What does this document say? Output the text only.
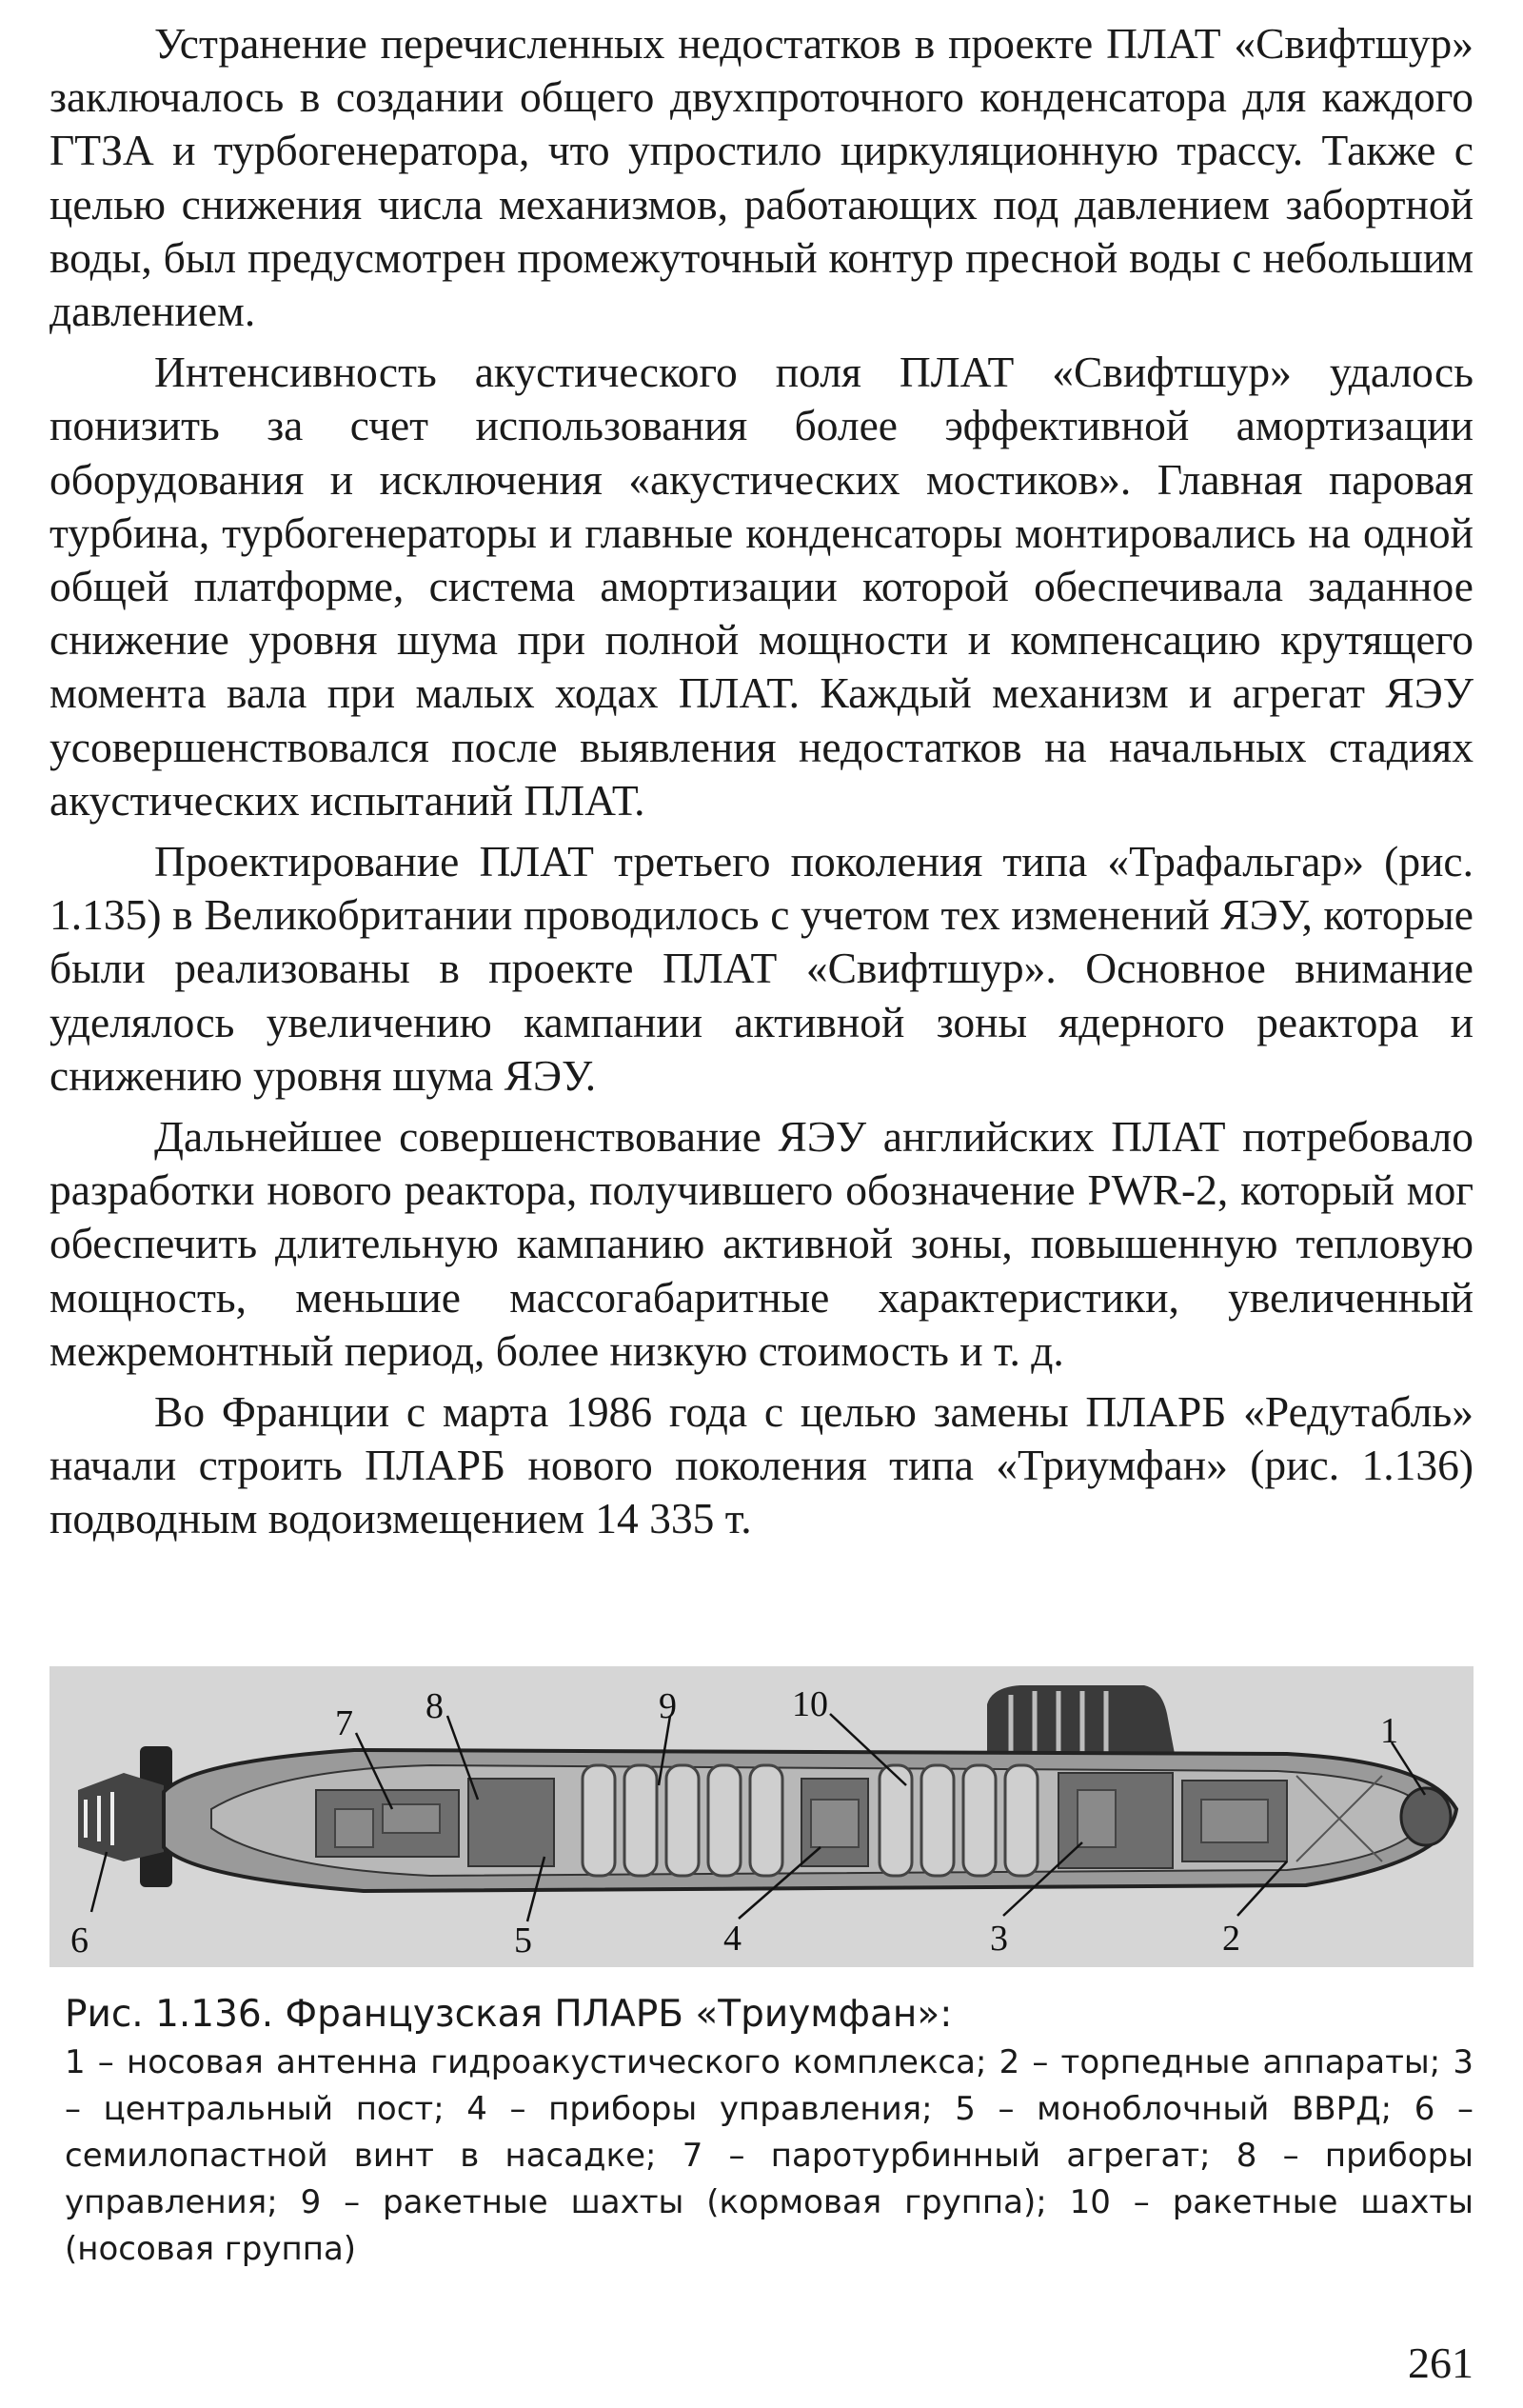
Устранение перечисленных недостатков в проекте ПЛАТ «Свифтшур» заключалось в создании общего двухпроточного конденсатора для каждого ГТЗА и турбогенератора, что упростило циркуляционную трассу. Также с целью снижения числа механизмов, работающих под давлением забортной воды, был предусмотрен промежуточный контур пресной воды с небольшим давлением.

Интенсивность акустического поля ПЛАТ «Свифтшур» удалось понизить за счет использования более эффективной амортизации оборудования и исключения «акустических мостиков». Главная паровая турбина, турбогенераторы и главные конденсаторы монтировались на одной общей платформе, система амортизации которой обеспечивала заданное снижение уровня шума при полной мощности и компенсацию крутящего момента вала при малых ходах ПЛАТ. Каждый механизм и агрегат ЯЭУ усовершенствовался после выявления недостатков на начальных стадиях акустических испытаний ПЛАТ.

Проектирование ПЛАТ третьего поколения типа «Трафальгар» (рис. 1.135) в Великобритании проводилось с учетом тех изменений ЯЭУ, которые были реализованы в проекте ПЛАТ «Свифтшур». Основное внимание уделялось увеличению кампании активной зоны ядерного реактора и снижению уровня шума ЯЭУ.

Дальнейшее совершенствование ЯЭУ английских ПЛАТ потребовало разработки нового реактора, получившего обозначение PWR-2, который мог обеспечить длительную кампанию активной зоны, повышенную тепловую мощность, меньшие массогабаритные характеристики, увеличенный межремонтный период, более низкую стоимость и т. д.

Во Франции с марта 1986 года с целью замены ПЛАРБ «Редутабль» начали строить ПЛАРБ нового поколения типа «Триумфан» (рис. 1.136) подводным водоизмещением 14 335 т.

7 8	9	10
1
6	5	4	3	2
Рис. 1.136. Французская ПЛАРБ «Триумфан»:
1 – носовая антенна гидроакустического комплекса; 2 – торпедные аппараты; 3 – центральный пост; 4 – приборы управления; 5 – моноблочный ВВРД; 6 – семилопастной винт в насадке; 7 – паротурбинный агрегат; 8 – приборы управления; 9 – ракетные шахты (кормовая группа); 10 – ракетные шахты (носовая группа)
261
